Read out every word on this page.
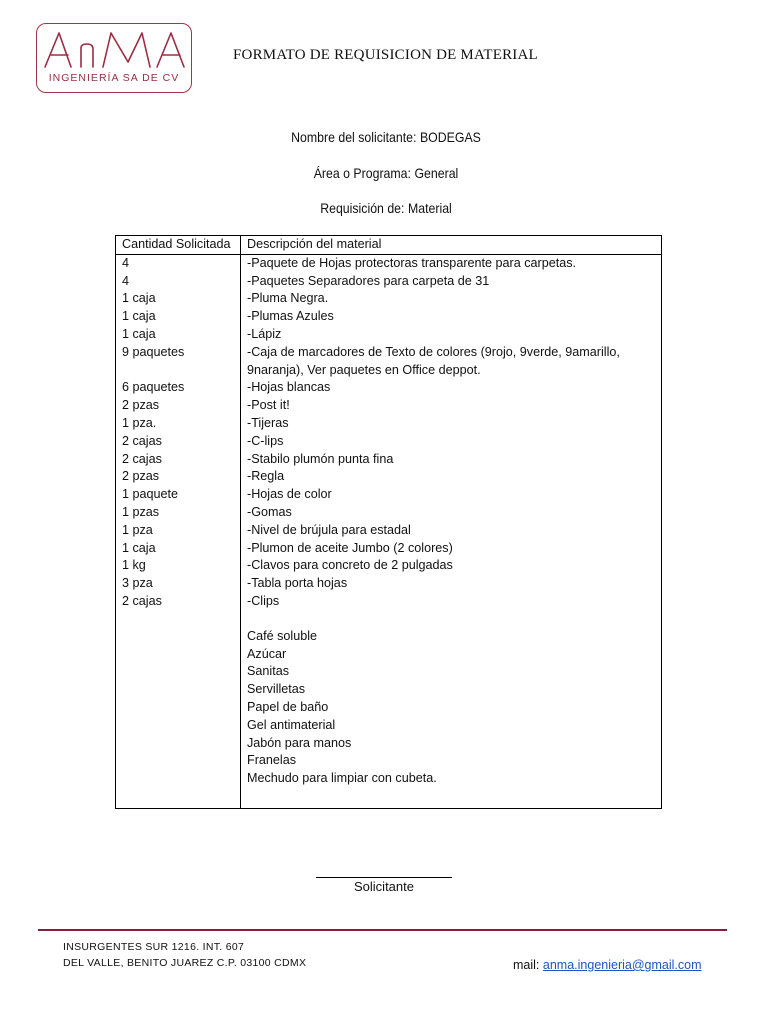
INGENIERÍA SA DE CV
FORMATO DE REQUISICION DE MATERIAL
Nombre del solicitante: BODEGAS
Área o Programa: General
Requisición de: Material
Cantidad Solicitada	Descripción del material
4	-Paquete de Hojas protectoras transparente para carpetas.
4	-Paquetes Separadores para carpeta de 31
1 caja	-Pluma Negra.
1 caja	-Plumas Azules
1 caja	-Lápiz
9 paquetes	-Caja de marcadores de Texto de colores (9rojo, 9verde, 9amarillo, 9naranja), Ver paquetes en Office deppot.
6 paquetes	-Hojas blancas
2 pzas	-Post it!
1 pza.	-Tijeras
2 cajas	-C-lips
2 cajas	-Stabilo plumón punta fina
2 pzas	-Regla
1 paquete	-Hojas de color
1 pzas	-Gomas
1 pza	-Nivel de brújula para estadal
1 caja	-Plumon de aceite Jumbo (2 colores)
1 kg	-Clavos para concreto de 2 pulgadas
3 pza	-Tabla porta hojas
2 cajas	-Clips

	Café soluble
	Azúcar
	Sanitas
	Servilletas
	Papel de baño
	Gel antimaterial
	Jabón para manos
	Franelas
	Mechudo para limpiar con cubeta.

Solicitante
INSURGENTES SUR 1216. INT. 607
DEL VALLE, BENITO JUAREZ C.P. 03100 CDMX	mail: anma.ingenieria@gmail.com
